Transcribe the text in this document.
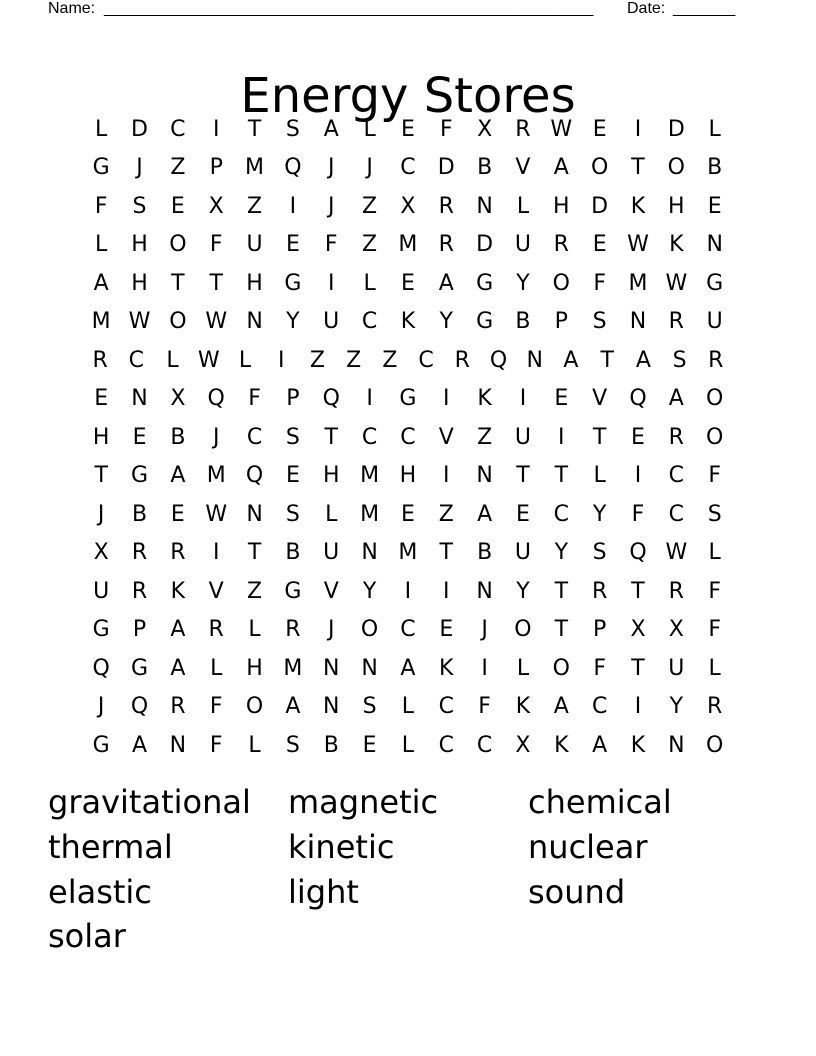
Name: _______________________________________________________ Date: _______
Energy Stores
L	D	C	I	T	S	A	L	E	F	X	R W E	I	D	L
G	J	Z	P	M Q	J	J	C	D	B	V	A	O	T	O	B
F	S	E	X	Z	I	J	Z	X	R	N	L	H D	K	H	E
L	H O	F	U	E	F	Z M R	D U	R	E W K	N
A	H	T	T	H G	I	L	E	A	G	Y	O	F	M W G
M W O W N	Y	U	C	K	Y	G	B	P	S	N	R	U
R C	L W L	I	Z Z Z C R Q N A T A S R
E	N	X	Q	F	P	Q	I	G	I	K	I	E	V	Q	A	O
H	E	B	J	C	S	T	C	C	V	Z	U	I	T	E	R	O
T	G	A M Q	E	H M H	I	N	T	T	L	I	C	F
J	B	E W N	S	L	M E	Z	A	E	C	Y	F	C	S
X	R	R	I	T	B	U	N M	T	B	U	Y	S	Q W L
U	R	K	V	Z	G	V	Y	I	I	N	Y	T	R	T	R	F
G	P	A	R	L	R	J	O	C	E	J	O	T	P	X	X	F
Q G	A	L	H M N N	A	K	I	L	O	F	T	U	L
J	Q	R	F	O	A	N	S	L	C	F	K	A	C	I	Y	R
G	A	N	F	L	S	B	E	L	C	C	X	K	A	K	N O
gravitational	magnetic	chemical
thermal	kinetic	nuclear
elastic	light	sound
solar
